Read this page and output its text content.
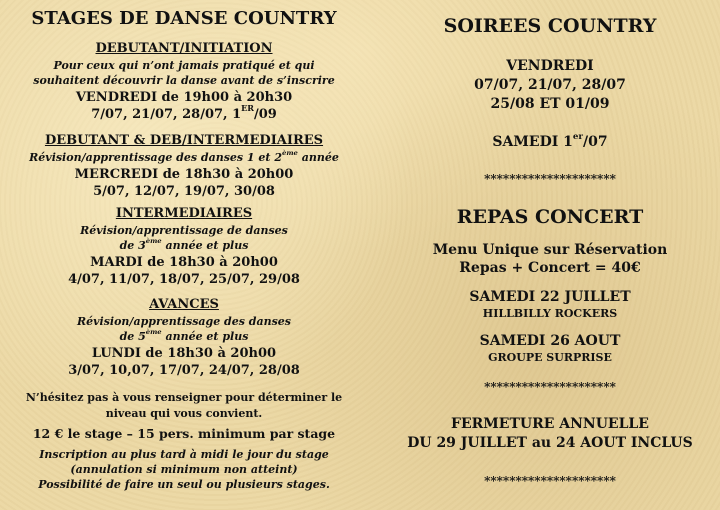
STAGES DE DANSE COUNTRY
DEBUTANT/INITIATION
Pour ceux qui n’ont jamais pratiqué et qui
souhaitent découvrir la danse avant de s’inscrire
VENDREDI de 19h00 à 20h30
7/07, 21/07, 28/07, 1ER/09
DEBUTANT & DEB/INTERMEDIAIRES
Révision/apprentissage des danses 1 et 2ème année
MERCREDI de 18h30 à 20h00
5/07, 12/07, 19/07, 30/08
INTERMEDIAIRES
Révision/apprentissage de danses
de 3ème année et plus
MARDI de 18h30 à 20h00
4/07, 11/07, 18/07, 25/07, 29/08
AVANCES
Révision/apprentissage des danses
de 5ème année et plus
LUNDI de 18h30 à 20h00
3/07, 10,07, 17/07, 24/07, 28/08
N’hésitez pas à vous renseigner pour déterminer le
niveau qui vous convient.
12 € le stage – 15 pers. minimum par stage
Inscription au plus tard à midi le jour du stage
(annulation si minimum non atteint)
Possibilité de faire un seul ou plusieurs stages.
SOIREES COUNTRY
VENDREDI
07/07, 21/07, 28/07
25/08 ET 01/09
SAMEDI 1er/07
*********************
REPAS CONCERT
Menu Unique sur Réservation
Repas + Concert = 40€
SAMEDI 22 JUILLET
HILLBILLY ROCKERS
SAMEDI 26 AOUT
GROUPE SURPRISE
*********************
FERMETURE ANNUELLE
DU 29 JUILLET au 24 AOUT INCLUS
*********************
